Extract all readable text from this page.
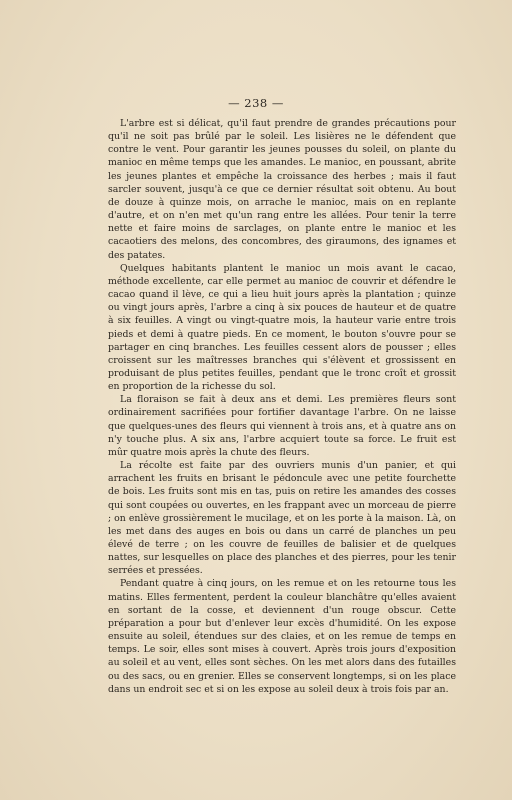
— 238 —

L'arbre est si délicat, qu'il faut prendre de grandes précautions pour qu'il ne soit pas brûlé par le soleil. Les lisières ne le défendent que contre le vent. Pour garantir les jeunes pousses du soleil, on plante du manioc en même temps que les amandes. Le manioc, en poussant, abrite les jeunes plantes et empêche la croissance des herbes ; mais il faut sarcler souvent, jusqu'à ce que ce dernier résultat soit obtenu. Au bout de douze à quinze mois, on arrache le manioc, mais on en replante d'autre, et on n'en met qu'un rang entre les allées. Pour tenir la terre nette et faire moins de sarclages, on plante entre le manioc et les cacaotiers des melons, des concombres, des giraumons, des ignames et des patates.

Quelques habitants plantent le manioc un mois avant le cacao, méthode excellente, car elle permet au manioc de couvrir et défendre le cacao quand il lève, ce qui a lieu huit jours après la plantation ; quinze ou vingt jours après, l'arbre a cinq à six pouces de hauteur et de quatre à six feuilles. A vingt ou vingt-quatre mois, la hauteur varie entre trois pieds et demi à quatre pieds. En ce moment, le bouton s'ouvre pour se partager en cinq branches. Les feuilles cessent alors de pousser ; elles croissent sur les maîtresses branches qui s'élèvent et grossissent en produisant de plus petites feuilles, pendant que le tronc croît et grossit en proportion de la richesse du sol.

La floraison se fait à deux ans et demi. Les premières fleurs sont ordinairement sacrifiées pour fortifier davantage l'arbre. On ne laisse que quelques-unes des fleurs qui viennent à trois ans, et à quatre ans on n'y touche plus. A six ans, l'arbre acquiert toute sa force. Le fruit est mûr quatre mois après la chute des fleurs.

La récolte est faite par des ouvriers munis d'un panier, et qui arrachent les fruits en brisant le pédoncule avec une petite fourchette de bois. Les fruits sont mis en tas, puis on retire les amandes des cosses qui sont coupées ou ouvertes, en les frappant avec un morceau de pierre ; on enlève grossièrement le mucilage, et on les porte à la maison. Là, on les met dans des auges en bois ou dans un carré de planches un peu élevé de terre ; on les couvre de feuilles de balisier et de quelques nattes, sur lesquelles on place des planches et des pierres, pour les tenir serrées et pressées.

Pendant quatre à cinq jours, on les remue et on les retourne tous les matins. Elles fermentent, perdent la couleur blanchâtre qu'elles avaient en sortant de la cosse, et deviennent d'un rouge obscur. Cette préparation a pour but d'enlever leur excès d'humidité. On les expose ensuite au soleil, étendues sur des claies, et on les remue de temps en temps. Le soir, elles sont mises à couvert. Après trois jours d'exposition au soleil et au vent, elles sont sèches. On les met alors dans des futailles ou des sacs, ou en grenier. Elles se conservent longtemps, si on les place dans un endroit sec et si on les expose au soleil deux à trois fois par an.
